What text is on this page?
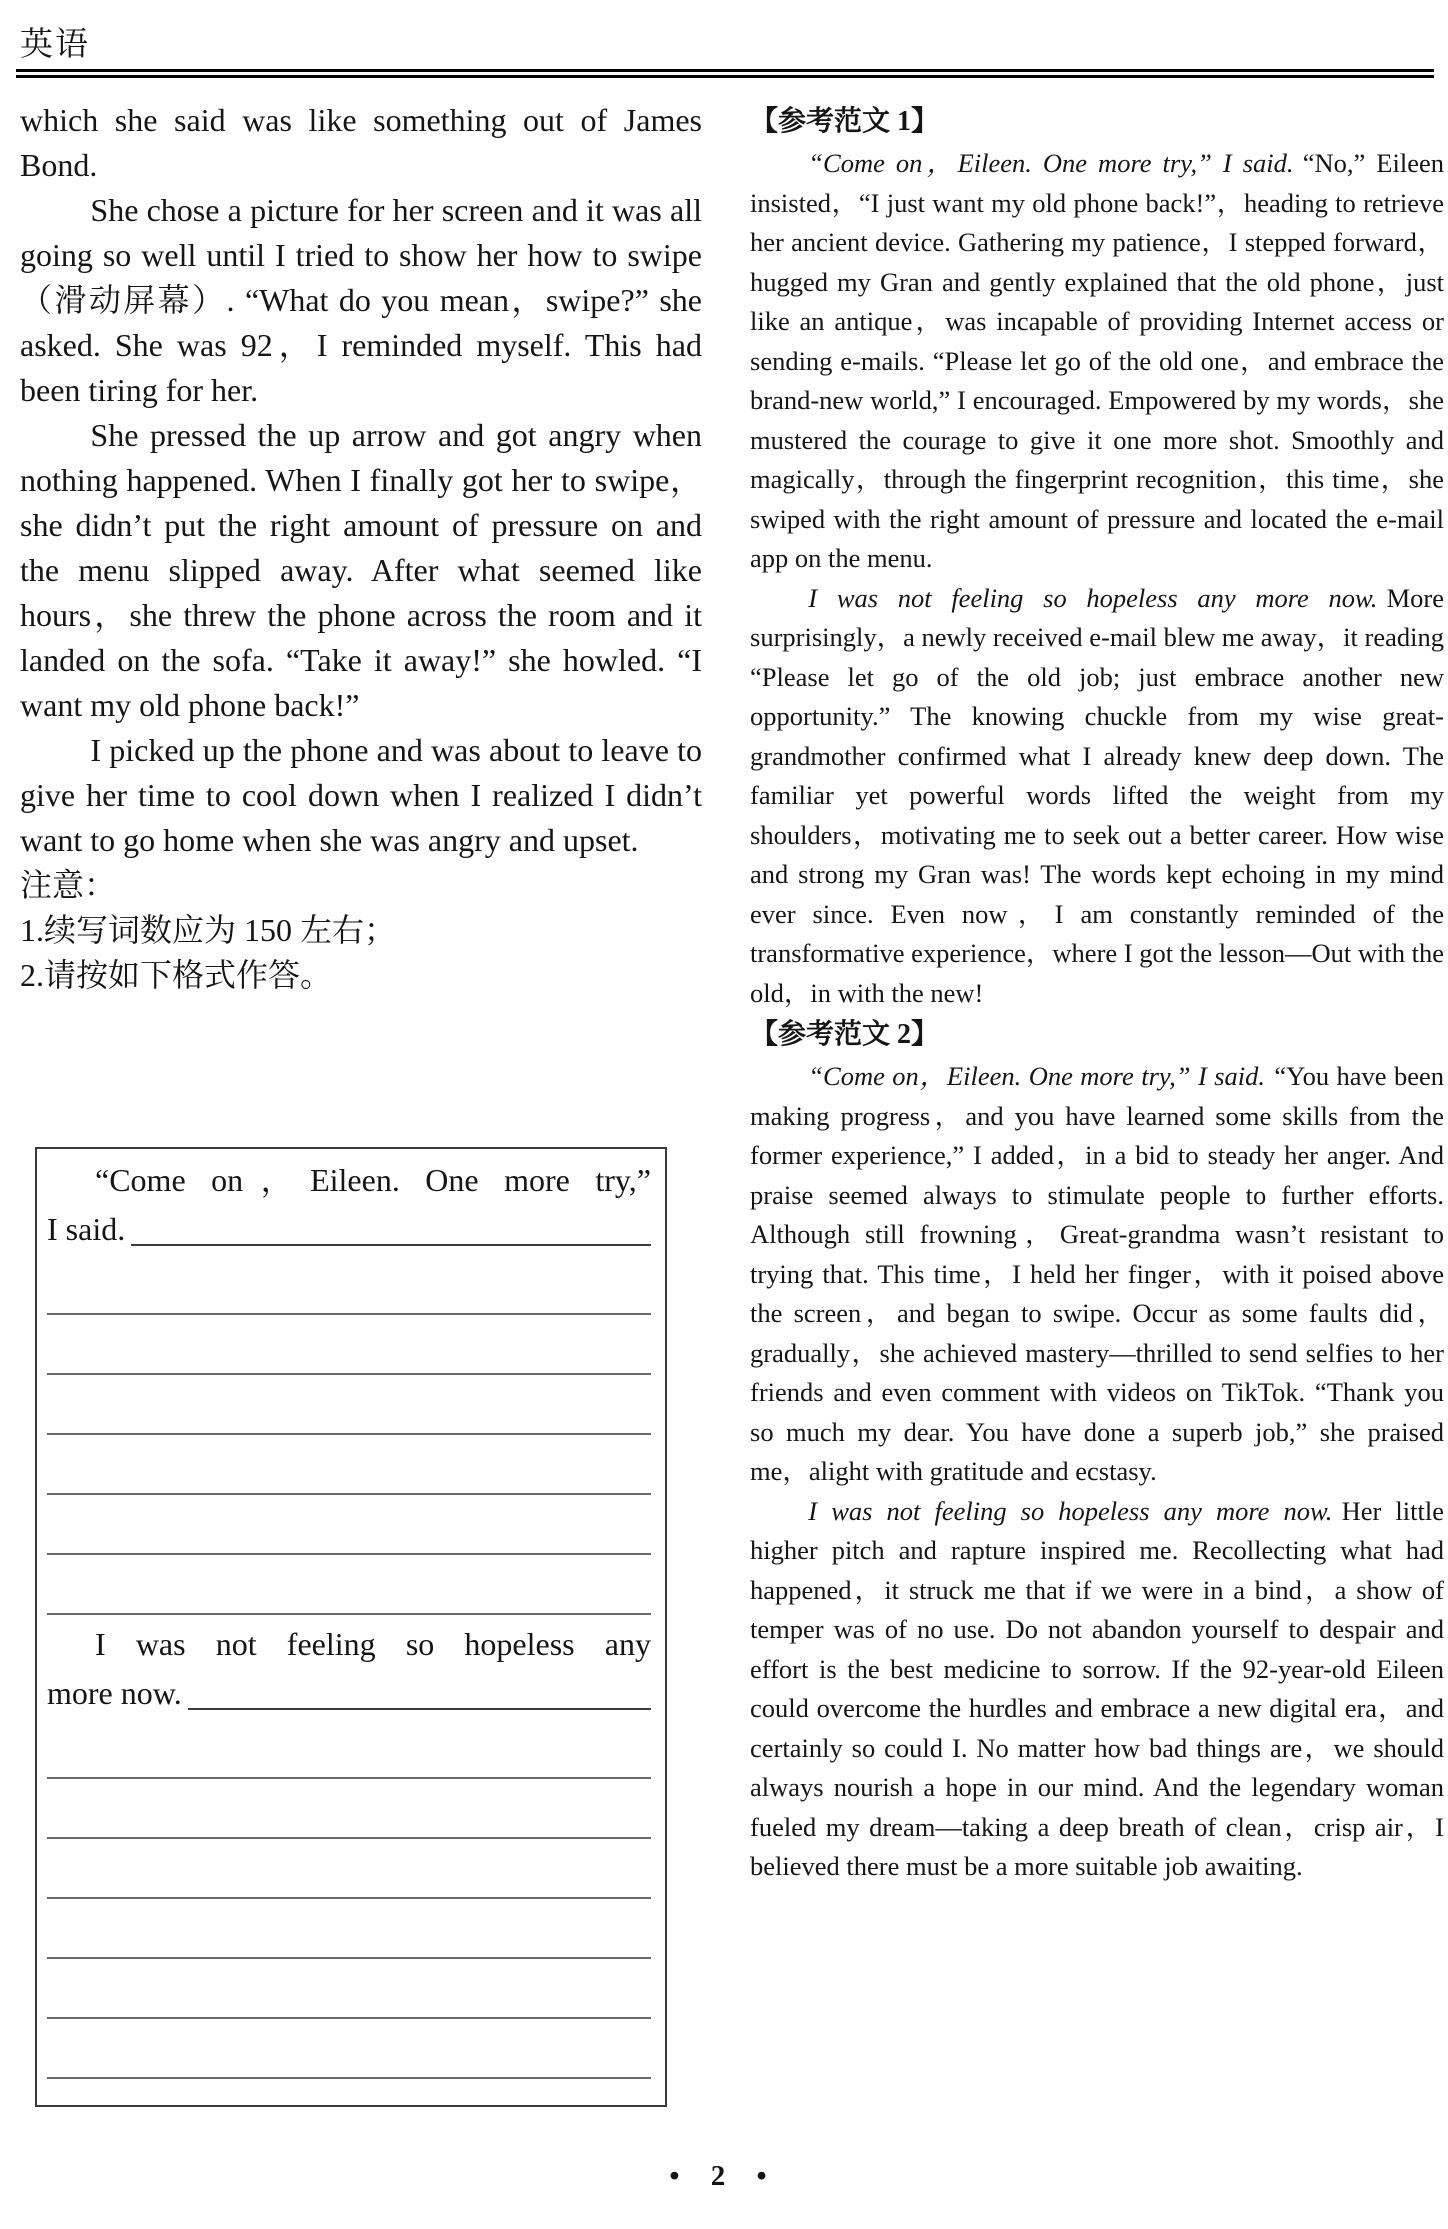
英语

which she said was like something out of James Bond.

She chose a picture for her screen and it was all going so well until I tried to show her how to swipe（滑动屏幕）. “What do you mean，swipe?” she asked. She was 92，I reminded myself. This had been tiring for her.

She pressed the up arrow and got angry when nothing happened. When I finally got her to swipe，she didn’t put the right amount of pressure on and the menu slipped away. After what seemed like hours，she threw the phone across the room and it landed on the sofa. “Take it away!” she howled. “I want my old phone back!”

I picked up the phone and was about to leave to give her time to cool down when I realized I didn’t want to go home when she was angry and upset.

注意：

1.续写词数应为 150 左右；

2.请按如下格式作答。

“Come on，Eileen. One more try,”
I said.
I was not feeling so hopeless any
more now.
【参考范文 1】

“Come on，Eileen. One more try,” I said. “No,” Eileen insisted，“I just want my old phone back!”，heading to retrieve her ancient device. Gathering my patience，I stepped forward，hugged my Gran and gently explained that the old phone，just like an antique，was incapable of providing Internet access or sending e-mails. “Please let go of the old one，and embrace the brand-new world,” I encouraged. Empowered by my words，she mustered the courage to give it one more shot. Smoothly and magically，through the fingerprint recognition，this time，she swiped with the right amount of pressure and located the e-mail app on the menu.

I was not feeling so hopeless any more now. More surprisingly，a newly received e-mail blew me away，it reading “Please let go of the old job; just embrace another new opportunity.” The knowing chuckle from my wise great-grandmother confirmed what I already knew deep down. The familiar yet powerful words lifted the weight from my shoulders，motivating me to seek out a better career. How wise and strong my Gran was! The words kept echoing in my mind ever since. Even now，I am constantly reminded of the transformative experience，where I got the lesson—Out with the old，in with the new!

【参考范文 2】

“Come on，Eileen. One more try,” I said. “You have been making progress，and you have learned some skills from the former experience,” I added，in a bid to steady her anger. And praise seemed always to stimulate people to further efforts. Although still frowning，Great-grandma wasn’t resistant to trying that. This time，I held her finger，with it poised above the screen，and began to swipe. Occur as some faults did，gradually，she achieved mastery—thrilled to send selfies to her friends and even comment with videos on TikTok. “Thank you so much my dear. You have done a superb job,” she praised me，alight with gratitude and ecstasy.

I was not feeling so hopeless any more now. Her little higher pitch and rapture inspired me. Recollecting what had happened，it struck me that if we were in a bind，a show of temper was of no use. Do not abandon yourself to despair and effort is the best medicine to sorrow. If the 92-year-old Eileen could overcome the hurdles and embrace a new digital era，and certainly so could I. No matter how bad things are，we should always nourish a hope in our mind. And the legendary woman fueled my dream—taking a deep breath of clean，crisp air，I believed there must be a more suitable job awaiting.

• 2 •
